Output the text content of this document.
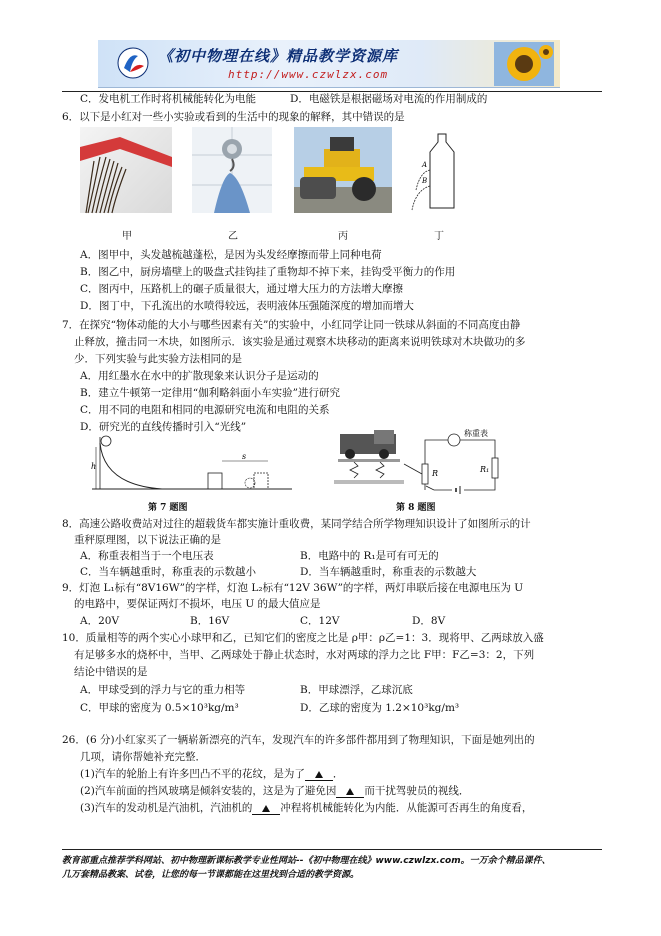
《初中物理在线》精品教学资源库
http://www.czwlzx.com
C．发电机工作时将机械能转化为电能	D．电磁铁是根据磁场对电流的作用制成的
6．以下是小红对一些小实验或看到的生活中的现象的解释，其中错误的是
A
B
甲	乙	丙	丁
A．图甲中，头发越梳越蓬松，是因为头发经摩擦而带上同种电荷
B．图乙中，厨房墙壁上的吸盘式挂钩挂了重物却不掉下来，挂钩受平衡力的作用
C．图丙中，压路机上的碾子质量很大，通过增大压力的方法增大摩擦
D．图丁中，下孔流出的水喷得较远，表明液体压强随深度的增加而增大
7．在探究“物体动能的大小与哪些因素有关”的实验中，小红同学让同一铁球从斜面的不同高度由静
止释放，撞击同一木块，如图所示．该实验是通过观察木块移动的距离来说明铁球对木块做功的多
少．下列实验与此实验方法相同的是
A．用红墨水在水中的扩散现象来认识分子是运动的
B．建立牛顿第一定律用“伽利略斜面小车实验”进行研究
C．用不同的电阻和相同的电源研究电流和电阻的关系
D．研究光的直线传播时引入“光线”
h
s
第 7 题图
R
称重表
R₁
第 8 题图
8．高速公路收费站对过往的超载货车都实施计重收费，某同学结合所学物理知识设计了如图所示的计
重秤原理图，以下说法正确的是
A．称重表相当于一个电压表	B．电路中的 R₁是可有可无的
C．当车辆越重时，称重表的示数越小	D．当车辆越重时，称重表的示数越大
9．灯泡 L₁标有“8V16W”的字样，灯泡 L₂标有“12V 36W”的字样，两灯串联后接在电源电压为 U
的电路中，要保证两灯不损坏，电压 U 的最大值应是
A．20V	B．16V	C．12V	D．8V
10．质量相等的两个实心小球甲和乙，已知它们的密度之比是 ρ甲：ρ乙=1：3．现将甲、乙两球放入盛
有足够多水的烧杯中，当甲、乙两球处于静止状态时，水对两球的浮力之比 F甲：F乙=3：2，下列
结论中错误的是
A．甲球受到的浮力与它的重力相等	B．甲球漂浮，乙球沉底
C．甲球的密度为 0.5×10³kg/m³	D．乙球的密度为 1.2×10³kg/m³
26．(6 分)小红家买了一辆崭新漂亮的汽车，发现汽车的许多部件都用到了物理知识，下面是她列出的
几项，请你帮她补充完整．
(1)汽车的轮胎上有许多凹凸不平的花纹，是为了	．
(2)汽车前面的挡风玻璃是倾斜安装的，这是为了避免因	而干扰驾驶员的视线．
(3)汽车的发动机是汽油机，汽油机的	冲程将机械能转化为内能．从能源可否再生的角度看，
教育部重点推荐学科网站、初中物理新课标教学专业性网站--《初中物理在线》www.czwlzx.com。一万余个精品课件、
几万套精品教案、试卷，让您的每一节课都能在这里找到合适的教学资源。
